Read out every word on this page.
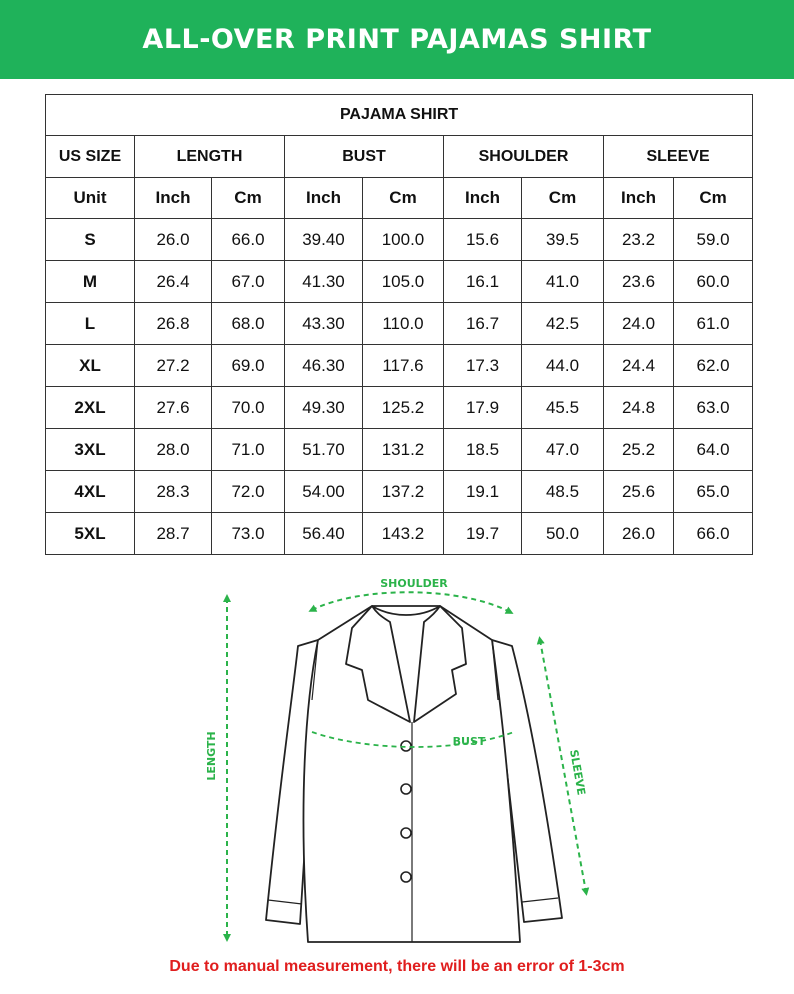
ALL-OVER PRINT PAJAMAS SHIRT
PAJAMA SHIRT								
US SIZE	LENGTH		BUST		SHOULDER		SLEEVE	
Unit	Inch	Cm	Inch	Cm	Inch	Cm	Inch	Cm
S	26.0	66.0	39.40	100.0	15.6	39.5	23.2	59.0
M	26.4	67.0	41.30	105.0	16.1	41.0	23.6	60.0
L	26.8	68.0	43.30	110.0	16.7	42.5	24.0	61.0
XL	27.2	69.0	46.30	117.6	17.3	44.0	24.4	62.0
2XL	27.6	70.0	49.30	125.2	17.9	45.5	24.8	63.0
3XL	28.0	71.0	51.70	131.2	18.5	47.0	25.2	64.0
4XL	28.3	72.0	54.00	137.2	19.1	48.5	25.6	65.0
5XL	28.7	73.0	56.40	143.2	19.7	50.0	26.0	66.0
SHOULDER
BUST
LENGTH	SLEEVE
Due to manual measurement, there will be an error of 1-3cm
